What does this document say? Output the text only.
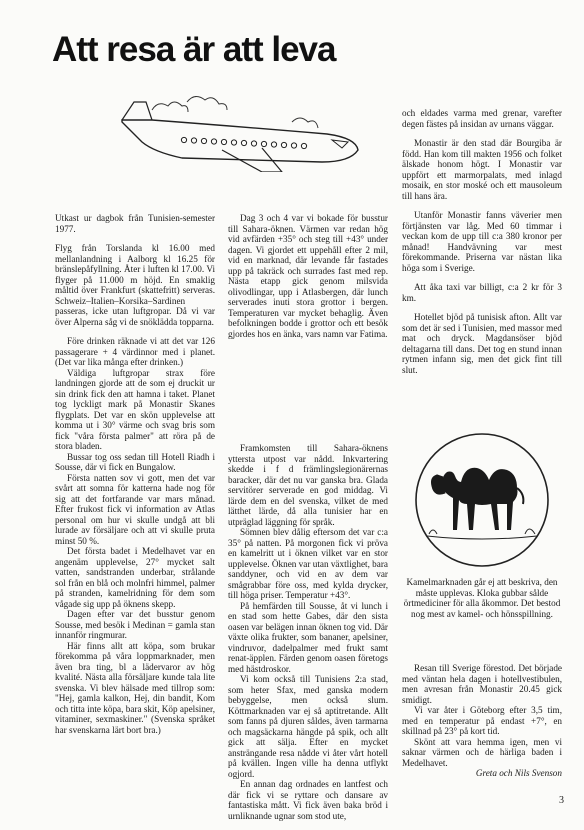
Att resa är att leva

Utkast ur dagbok från Tunisien-semester 1977.

Flyg från Torslanda kl 16.00 med mellanlandning i Aalborg kl 16.25 för bränslepåfyllning. Åter i luften kl 17.00. Vi flyger på 11.000 m höjd. En smaklig måltid över Frankfurt (skattefritt) serveras. Schweiz–Italien–Korsika–Sardinen passeras, icke utan luftgropar. Då vi var över Alperna såg vi de snöklädda topparna.

Före drinken räknade vi att det var 126 passagerare + 4 värdinnor med i planet. (Det var lika många efter drinken.)

Väldiga luftgropar strax före landningen gjorde att de som ej druckit ur sin drink fick den att hamna i taket. Planet tog lyckligt mark på Monastir Skanes flygplats. Det var en skön upplevelse att komma ut i 30° värme och svag bris som fick "våra första palmer" att röra på de stora bladen.

Bussar tog oss sedan till Hotell Riadh i Sousse, där vi fick en Bungalow.

Första natten sov vi gott, men det var svårt att somna för katterna hade nog för sig att det fortfarande var mars månad. Efter frukost fick vi information av Atlas personal om hur vi skulle undgå att bli lurade av försäljare och att vi skulle prutа minst 50 %.

Det första badet i Medelhavet var en angenäm upplevelse, 27° mycket salt vatten, sandstranden underbar, strålande sol från en blå och molnfri himmel, palmer på stranden, kamelridning för dem som vågade sig upp på öknens skepp.

Dagen efter var det busstur genom Sousse, med besök i Medinan = gamla stan innanför ringmurar.

Här finns allt att köpa, som brukar förekomma på våra loppmarknader, men även bra ting, bl a lädervaror av hög kvalité. Nästa alla försäljare kunde tala lite svenska. Vi blev hälsade med tillrop som: "Hej, gamla kalkon, Hej, din bandit, Kom och titta inte köpa, bara skit, Köp apelsiner, vitaminer, sexmaskiner." (Svenska språket har svenskarna lärt bort bra.)

Dag 3 och 4 var vi bokade för busstur till Sahara-öknen. Värmen var redan hög vid avfärden +35° och steg till +43° under dagen. Vi gjordet ett uppehåll efter 2 mil, vid en marknad, där levande får fastades upp på takräck och surrades fast med rep. Nästa etapp gick genom milsvida olivodlingar, upp i Atlasbergen, där lunch serverades inuti stora grottor i bergen. Temperaturen var mycket behaglig. Även befolkningen bodde i grottor och ett besök gjordes hos en änka, vars namn var Fatima.

Framkomsten till Sahara-öknens yttersta utpost var nådd. Inkvartering skedde i f d främlingslegionärernas baracker, där det nu var ganska bra. Glada servitörer serverade en god middag. Vi lärde dem en del svenska, vilket de med lätthet lärde, då alla tunisier har en utpräglad läggning för språk.

Sömnen blev dålig eftersom det var c:a 35° på natten. På morgonen fick vi pröva en kamelritt ut i öknen vilket var en stor upplevelse. Öknen var utan växtlighet, bara sanddyner, och vid en av dem var smågrabbar före oss, med kylda drycker, till höga priser. Temperatur +43°.

På hemfärden till Sousse, åt vi lunch i en stad som hette Gabes, där den sista oasen var belägen innan öknen tog vid. Där växte olika frukter, som bananer, apelsiner, vindruvor, dadelpalmer med frukt samt renat-äpplen. Färden genom oasen företogs med hästdroskor.

Vi kom också till Tunisiens 2:a stad, som heter Sfax, med ganska modern bebyggelse, men också slum. Köttmarknaden var ej så aptitretande. Allt som fanns på djuren såldes, även tarmarna och magsäckarna hängde på spik, och allt gick att sälja. Efter en mycket ansträngande resa nådde vi åter vårt hotell på kvällen. Ingen ville ha denna utflykt ogjord.

En annan dag ordnades en lantfest och där fick vi se ryttare och dansare av fantastiska mått. Vi fick även baka bröd i urnliknande ugnar som stod ute,

och eldades varma med grenar, varefter degen fästes på insidan av urnans väggar.

Monastir är den stad där Bourgiba är född. Han kom till makten 1956 och folket älskade honom högt. I Monastir var uppfört ett marmorpalats, med inlagd mosaik, en stor moské och ett mausoleum till hans ära.

Utanför Monastir fanns väverier men förtjänsten var låg. Med 60 timmar i veckan kom de upp till c:a 380 kronor per månad! Handvävning var mest förekommande. Priserna var nästan lika höga som i Sverige.

Att åka taxi var billigt, c:a 2 kr för 3 km.

Hotellet bjöd på tunisisk afton. Allt var som det är sed i Tunisien, med massor med mat och dryck. Magdansöser bjöd deltagarna till dans. Det tog en stund innan rytmen infann sig, men det gick fint till slut.

Kamelmarknaden går ej att beskriva, den måste upplevas. Kloka gubbar sålde örtmediciner för alla åkommor. Det bestod nog mest av kamel- och hönsspillning.

Resan till Sverige förestod. Det började med väntan hela dagen i hotellvestibulen, men avresan från Monastir 20.45 gick smidigt.

Vi var åter i Göteborg efter 3,5 tim, med en temperatur på endast +7°, en skillnad på 23° på kort tid.

Skönt att vara hemma igen, men vi saknar värmen och de härliga baden i Medelhavet.

Greta och Nils Svenson

3
